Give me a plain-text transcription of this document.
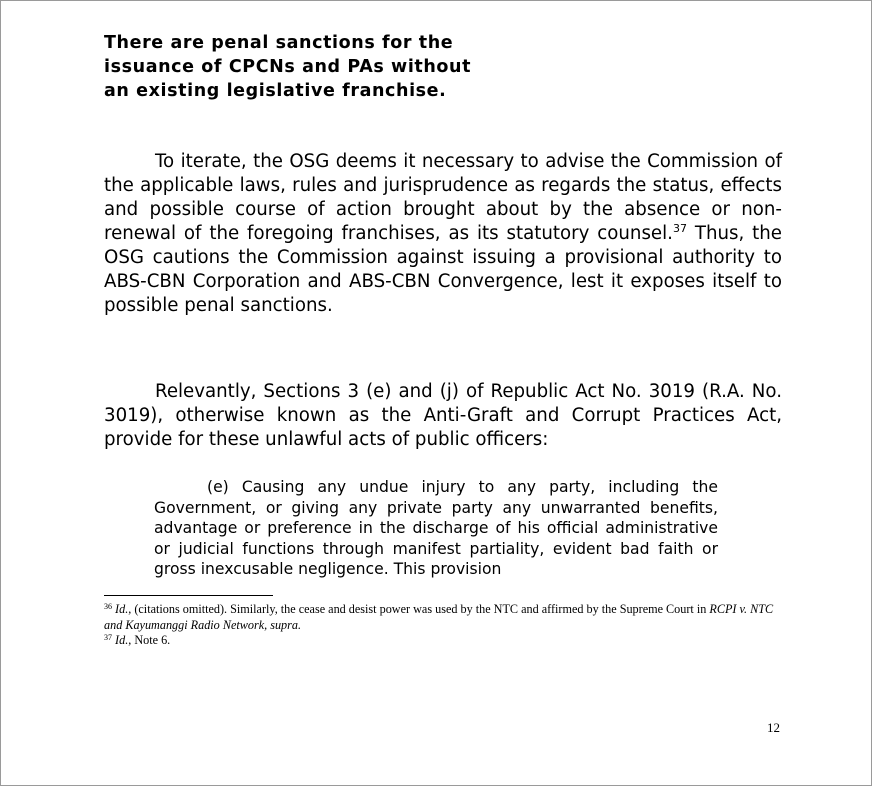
There are penal sanctions for the issuance of CPCNs and PAs without an existing legislative franchise.

To iterate, the OSG deems it necessary to advise the Commission of the applicable laws, rules and jurisprudence as regards the status, effects and possible course of action brought about by the absence or non-renewal of the foregoing franchises, as its statutory counsel.$^{37}$ Thus, the OSG cautions the Commission against issuing a provisional authority to ABS-CBN Corporation and ABS-CBN Convergence, lest it exposes itself to possible penal sanctions.

Relevantly, Sections 3 (e) and (j) of Republic Act No. 3019 (R.A. No. 3019), otherwise known as the Anti-Graft and Corrupt Practices Act, provide for these unlawful acts of public officers:

(e) Causing any undue injury to any party, including the Government, or giving any private party any unwarranted benefits, advantage or preference in the discharge of his official administrative or judicial functions through manifest partiality, evident bad faith or gross inexcusable negligence. This provision

$^{36}$ Id., (citations omitted). Similarly, the cease and desist power was used by the NTC and affirmed by the Supreme Court in RCPI v. NTC and Kayumanggi Radio Network, supra.

$^{37}$ Id., Note 6.

12
